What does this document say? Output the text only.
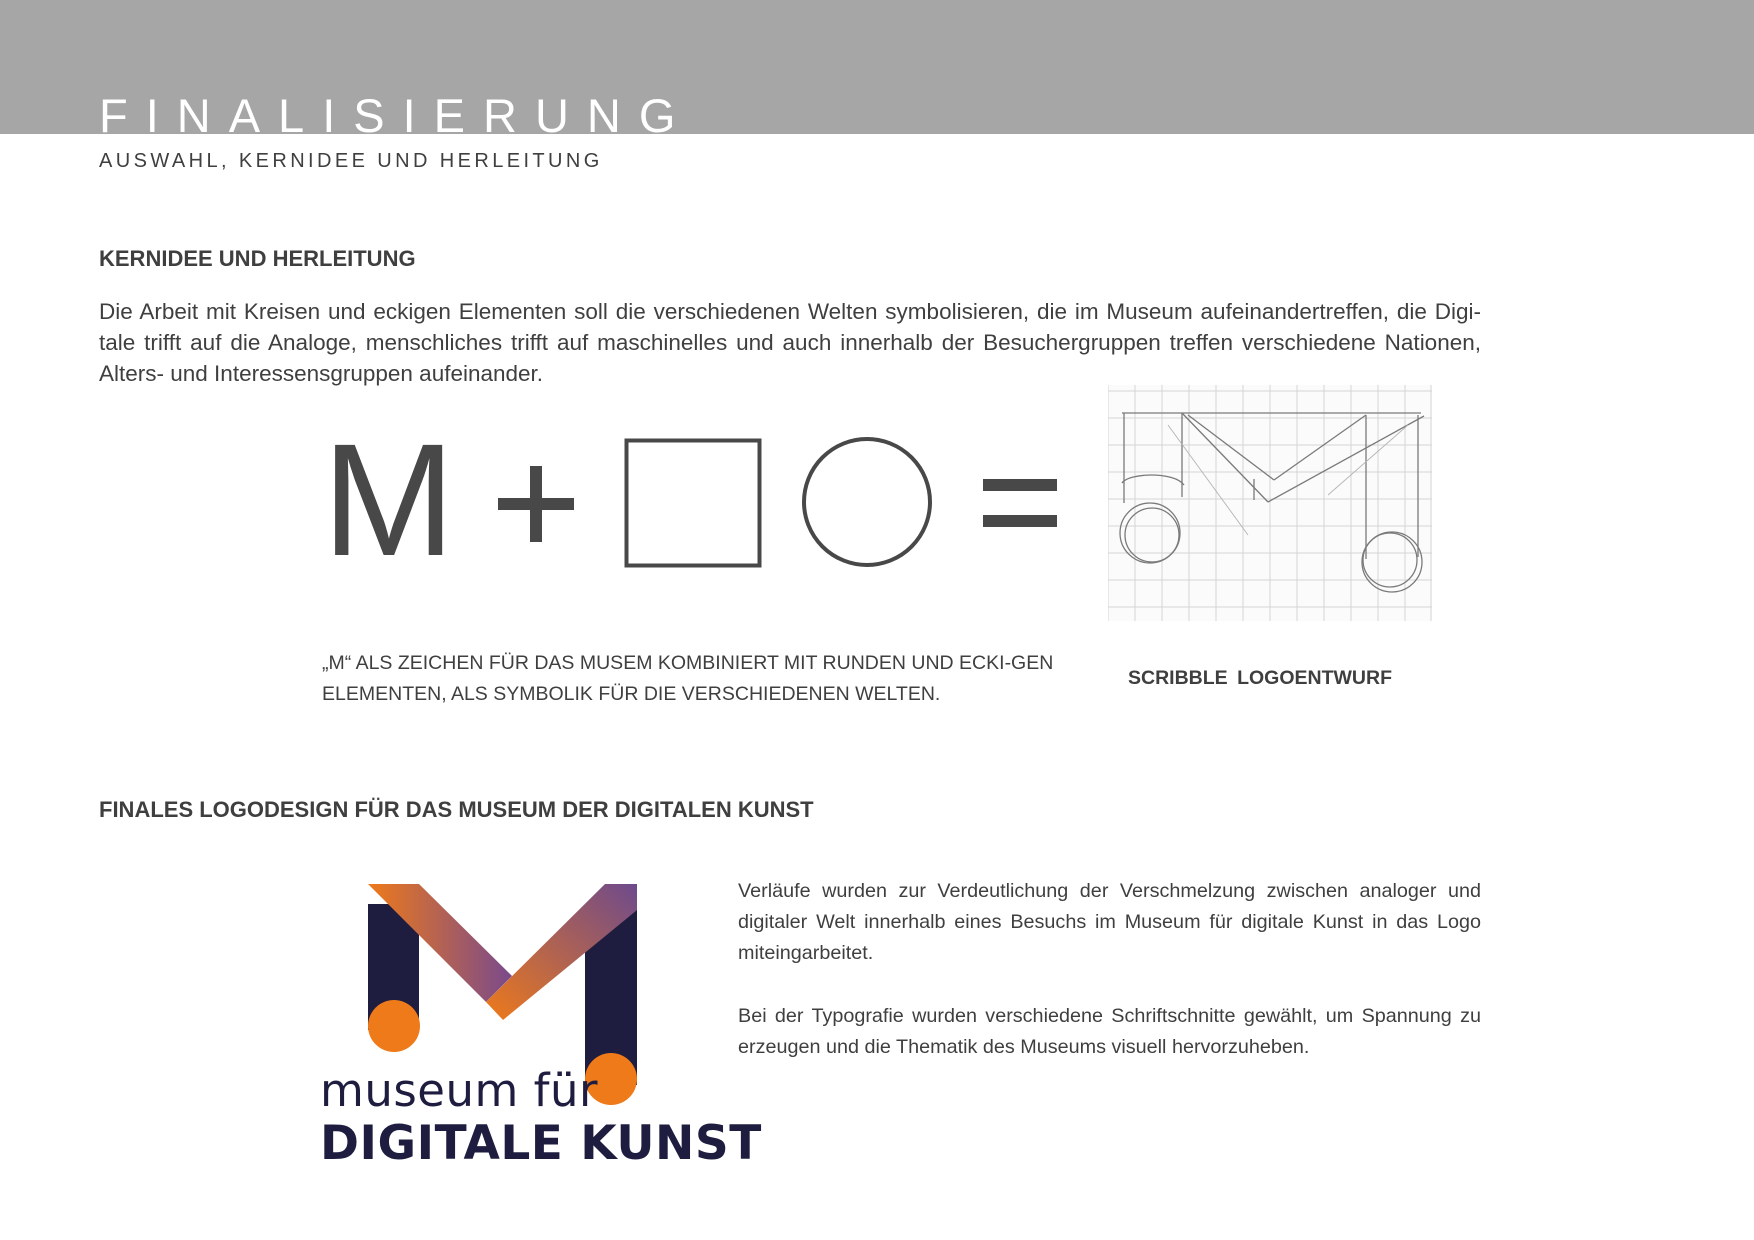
FINALISIERUNG
AUSWAHL, KERNIDEE UND HERLEITUNG
KERNIDEE UND HERLEITUNG
Die Arbeit mit Kreisen und eckigen Elementen soll die verschiedenen Welten symbolisieren, die im Museum aufeinandertreffen, die Digi-tale trifft auf die Analoge, menschliches trifft auf maschinelles und auch innerhalb der Besuchergruppen treffen verschiedene Nationen, Alters- und Interessensgruppen aufeinander.
M
„M“ ALS ZEICHEN FÜR DAS MUSEM KOMBINIERT MIT RUNDEN UND ECKI-GEN ELEMENTEN, ALS SYMBOLIK FÜR DIE VERSCHIEDENEN WELTEN.
SCRIBBLE LOGOENTWURF
FINALES LOGODESIGN FÜR DAS MUSEUM DER DIGITALEN KUNST
museum für
DIGITALE KUNST
Verläufe wurden zur Verdeutlichung der Verschmelzung zwischen analoger und digitaler Welt innerhalb eines Besuchs im Museum für digitale Kunst in das Logo miteingarbeitet.
Bei der Typografie wurden verschiedene Schriftschnitte gewählt, um Spannung zu erzeugen und die Thematik des Museums visuell hervorzuheben.
